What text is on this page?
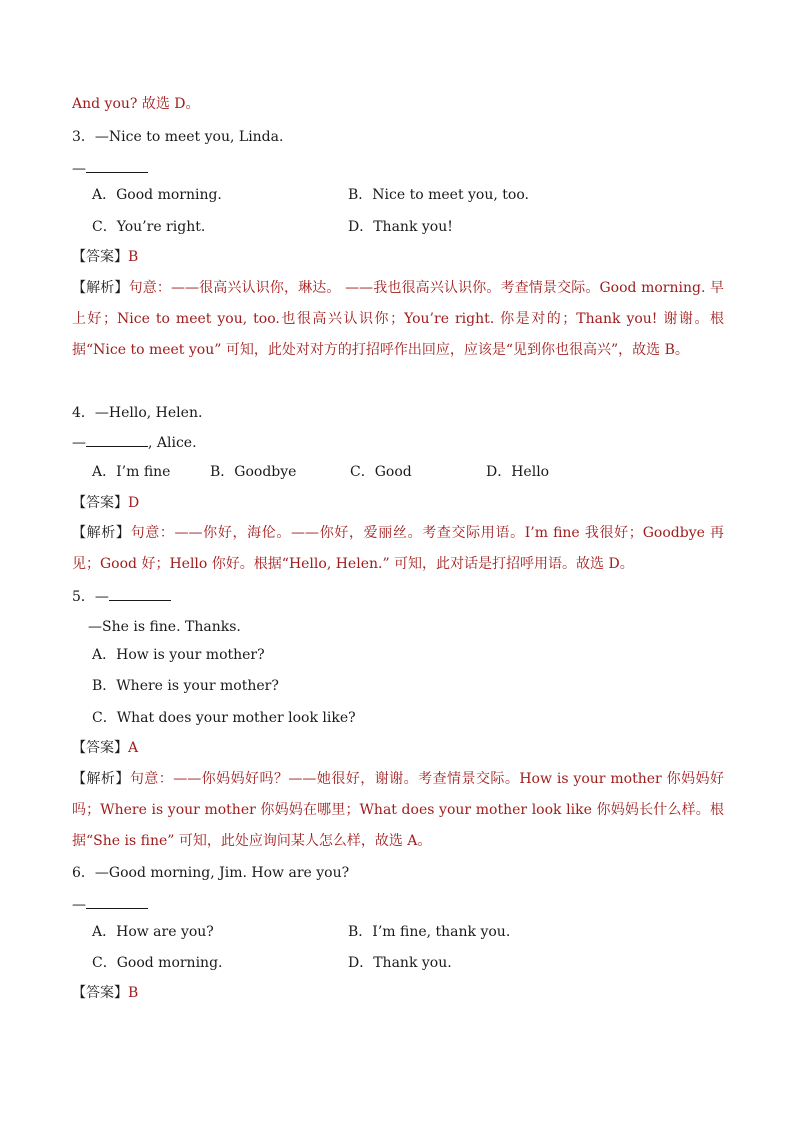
And you? 故选 D。
3．—Nice to meet you, Linda.
—
A．Good morning.	B．Nice to meet you, too.
C．You’re right.	D．Thank you!
【答案】B
【解析】句意：——很高兴认识你，琳达。 ——我也很高兴认识你。考查情景交际。Good morning. 早上好；Nice to meet you, too.也很高兴认识你；You’re right. 你是对的；Thank you! 谢谢。根据“Nice to meet you” 可知，此处对对方的打招呼作出回应，应该是“见到你也很高兴”，故选 B。
4．—Hello, Helen.
—	, Alice.
A．I’m fine	B．Goodbye	C．Good	D．Hello
【答案】D
【解析】句意：——你好，海伦。——你好，爱丽丝。考查交际用语。I’m fine 我很好；Goodbye 再见；Good 好；Hello 你好。根据“Hello, Helen.” 可知，此对话是打招呼用语。故选 D。
5．—
—She is fine. Thanks.
A．How is your mother?
B．Where is your mother?
C．What does your mother look like?
【答案】A
【解析】句意：——你妈妈好吗？——她很好，谢谢。考查情景交际。How is your mother 你妈妈好吗；Where is your mother 你妈妈在哪里；What does your mother look like 你妈妈长什么样。根据“She is fine” 可知，此处应询问某人怎么样，故选 A。
6．—Good morning, Jim. How are you?
—
A．How are you?	B．I’m fine, thank you.
C．Good morning.	D．Thank you.
【答案】B
